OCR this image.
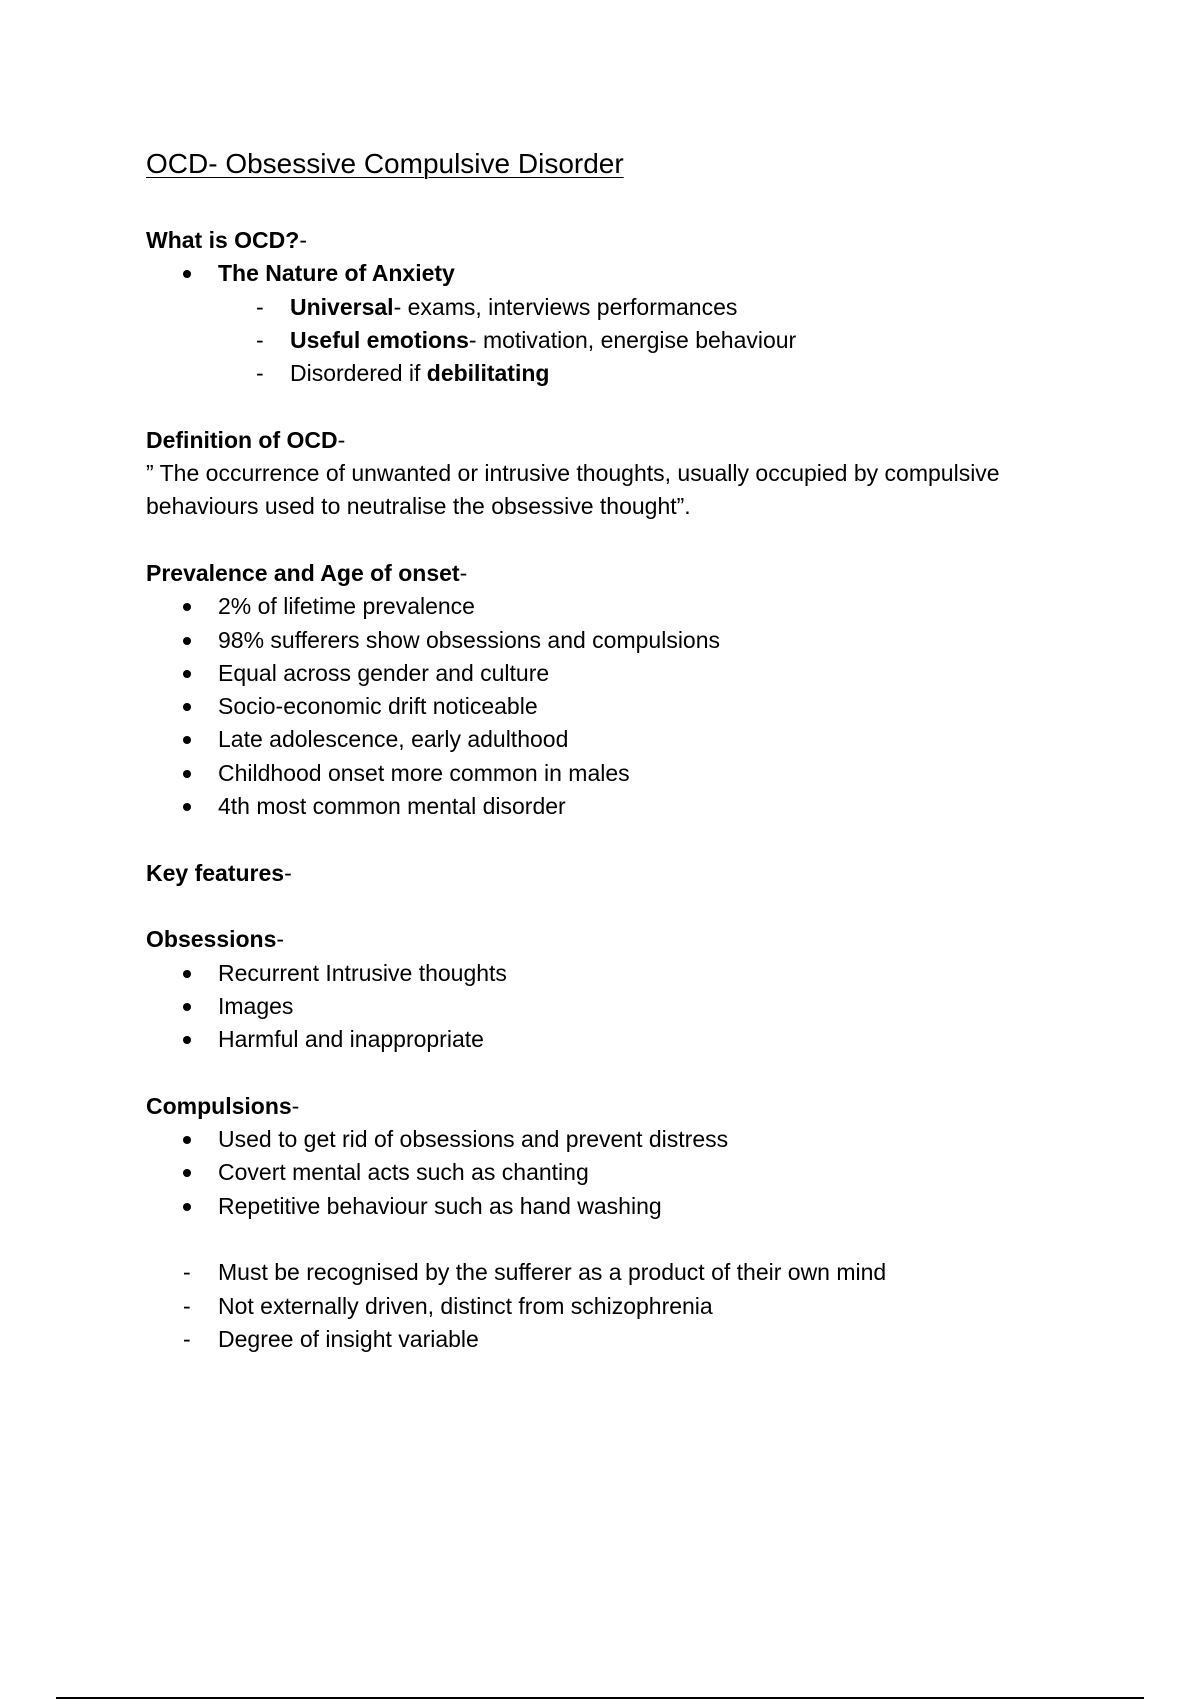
OCD- Obsessive Compulsive Disorder

What is OCD?-

The Nature of Anxiety
- Universal- exams, interviews performances
- Useful emotions- motivation, energise behaviour
- Disordered if debilitating

Definition of OCD-

” The occurrence of unwanted or intrusive thoughts, usually occupied by compulsive
behaviours used to neutralise the obsessive thought”.

Prevalence and Age of onset-

2% of lifetime prevalence
98% sufferers show obsessions and compulsions
Equal across gender and culture
Socio-economic drift noticeable
Late adolescence, early adulthood
Childhood onset more common in males
4th most common mental disorder

Key features-

Obsessions-

Recurrent Intrusive thoughts
Images
Harmful and inappropriate

Compulsions-

Used to get rid of obsessions and prevent distress
Covert mental acts such as chanting
Repetitive behaviour such as hand washing
- Must be recognised by the sufferer as a product of their own mind
- Not externally driven, distinct from schizophrenia
- Degree of insight variable
